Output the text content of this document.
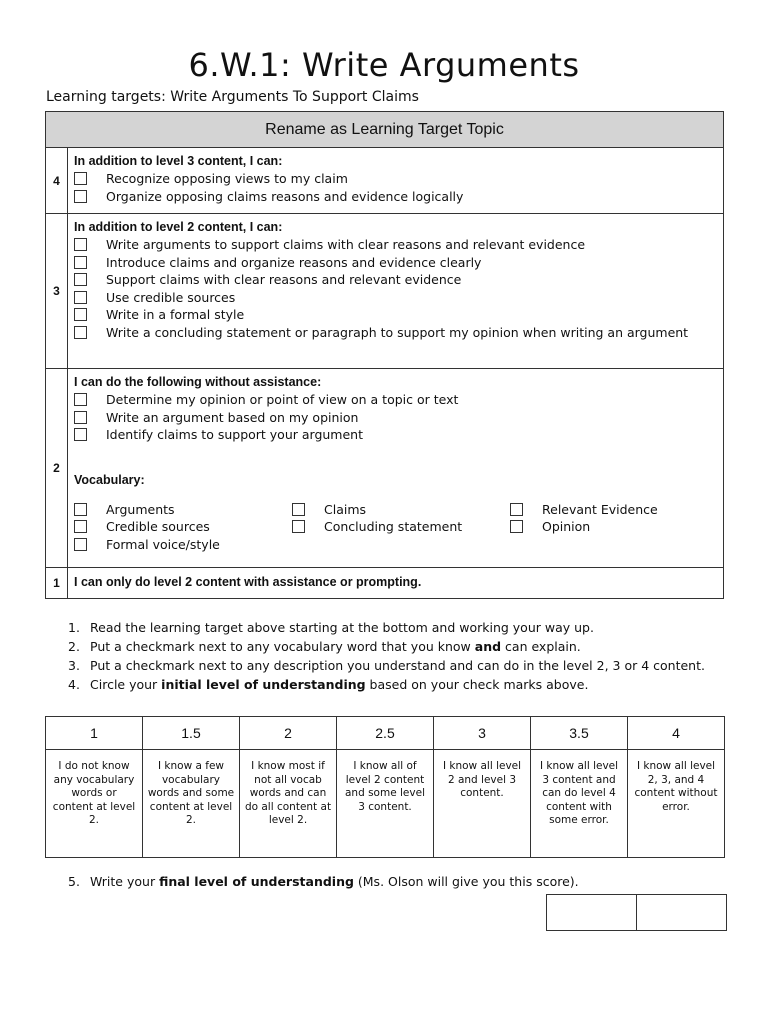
6.W.1: Write Arguments
Learning targets: Write Arguments To Support Claims
Rename as Learning Target Topic
4
In addition to level 3 content, I can:
Recognize opposing views to my claim
Organize opposing claims reasons and evidence logically
3
In addition to level 2 content, I can:
Write arguments to support claims with clear reasons and relevant evidence
Introduce claims and organize reasons and evidence clearly
Support claims with clear reasons and relevant evidence
Use credible sources
Write in a formal style
Write a concluding statement or paragraph to support my opinion when writing an argument
2
I can do the following without assistance:
Determine my opinion or point of view on a topic or text
Write an argument based on my opinion
Identify claims to support your argument
Vocabulary:
Arguments	Claims	Relevant Evidence
Credible sources	Concluding statement	Opinion
Formal voice/style
1	I can only do level 2 content with assistance or prompting.
1. Read the learning target above starting at the bottom and working your way up.
2. Put a checkmark next to any vocabulary word that you know and can explain.
3. Put a checkmark next to any description you understand and can do in the level 2, 3 or 4 content.
4. Circle your initial level of understanding based on your check marks above.
1	1.5	2	2.5	3	3.5	4
I do not know any vocabulary words or content at level 2.	I know a few vocabulary words and some content at level 2.	I know most if not all vocab words and can do all content at level 2.	I know all of level 2 content and some level 3 content.	I know all level 2 and level 3 content.	I know all level 3 content and can do level 4 content with some error.	I know all level 2, 3, and 4 content without error.
5. Write your final level of understanding (Ms. Olson will give you this score).
